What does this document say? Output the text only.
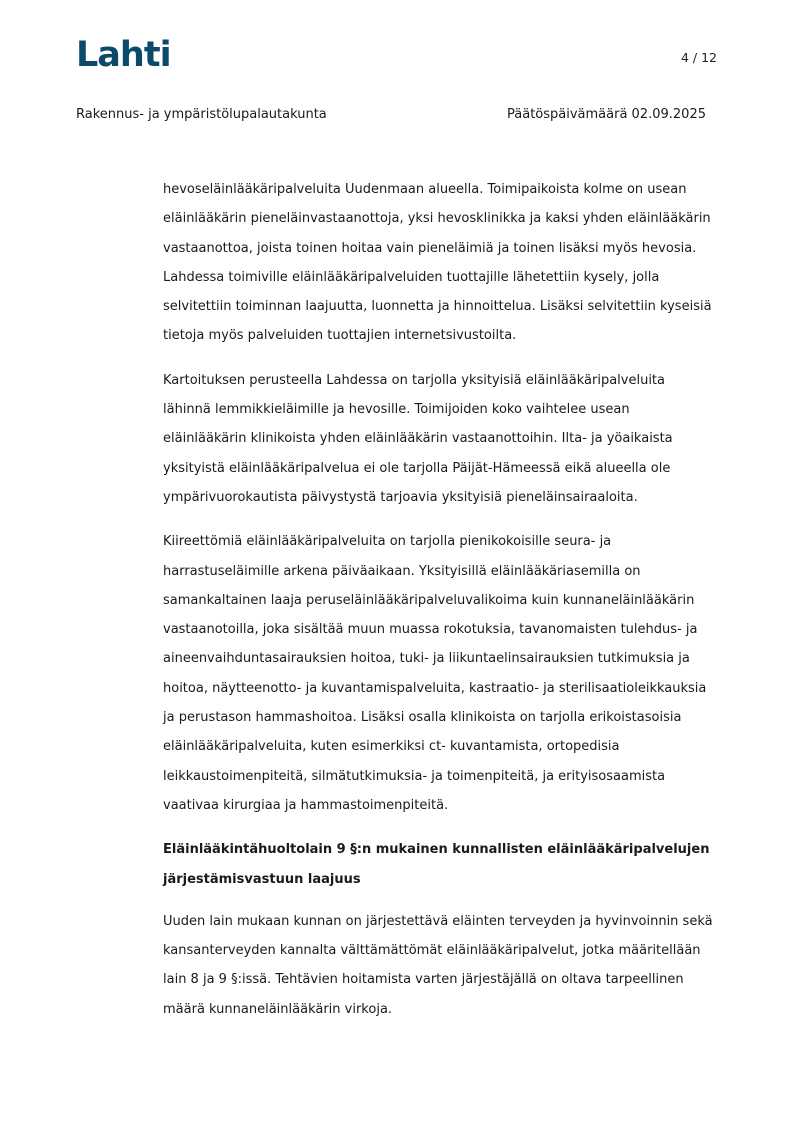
Lahti	4 / 12
Rakennus- ja ympäristölupalautakunta	Päätöspäivämäärä 02.09.2025

hevoseläinlääkäripalveluita Uudenmaan alueella. Toimipaikoista kolme on usean
eläinlääkärin pieneläinvastaanottoja, yksi hevosklinikka ja kaksi yhden eläinlääkärin
vastaanottoa, joista toinen hoitaa vain pieneläimiä ja toinen lisäksi myös hevosia.
Lahdessa toimiville eläinlääkäripalveluiden tuottajille lähetettiin kysely, jolla
selvitettiin toiminnan laajuutta, luonnetta ja hinnoittelua. Lisäksi selvitettiin kyseisiä
tietoja myös palveluiden tuottajien internetsivustoilta.

Kartoituksen perusteella Lahdessa on tarjolla yksityisiä eläinlääkäripalveluita
lähinnä lemmikkieläimille ja hevosille. Toimijoiden koko vaihtelee usean
eläinlääkärin klinikoista yhden eläinlääkärin vastaanottoihin. Ilta- ja yöaikaista
yksityistä eläinlääkäripalvelua ei ole tarjolla Päijät-Hämeessä eikä alueella ole
ympärivuorokautista päivystystä tarjoavia yksityisiä pieneläinsairaaloita.

Kiireettömiä eläinlääkäripalveluita on tarjolla pienikokoisille seura- ja
harrastuseläimille arkena päiväaikaan. Yksityisillä eläinlääkäriasemilla on
samankaltainen laaja peruseläinlääkäripalveluvalikoima kuin kunnaneläinlääkärin
vastaanotoilla, joka sisältää muun muassa rokotuksia, tavanomaisten tulehdus- ja
aineenvaihduntasairauksien hoitoa, tuki- ja liikuntaelinsairauksien tutkimuksia ja
hoitoa, näytteenotto- ja kuvantamispalveluita, kastraatio- ja sterilisaatioleikkauksia
ja perustason hammashoitoa. Lisäksi osalla klinikoista on tarjolla erikoistasoisia
eläinlääkäripalveluita, kuten esimerkiksi ct- kuvantamista, ortopedisia
leikkaustoimenpiteitä, silmätutkimuksia- ja toimenpiteitä, ja erityisosaamista
vaativaa kirurgiaa ja hammastoimenpiteitä.

Eläinlääkintähuoltolain 9 §:n mukainen kunnallisten eläinlääkäripalvelujen
järjestämisvastuun laajuus

Uuden lain mukaan kunnan on järjestettävä eläinten terveyden ja hyvinvoinnin sekä
kansanterveyden kannalta välttämättömät eläinlääkäripalvelut, jotka määritellään
lain 8 ja 9 §:issä. Tehtävien hoitamista varten järjestäjällä on oltava tarpeellinen
määrä kunnaneläinlääkärin virkoja.
